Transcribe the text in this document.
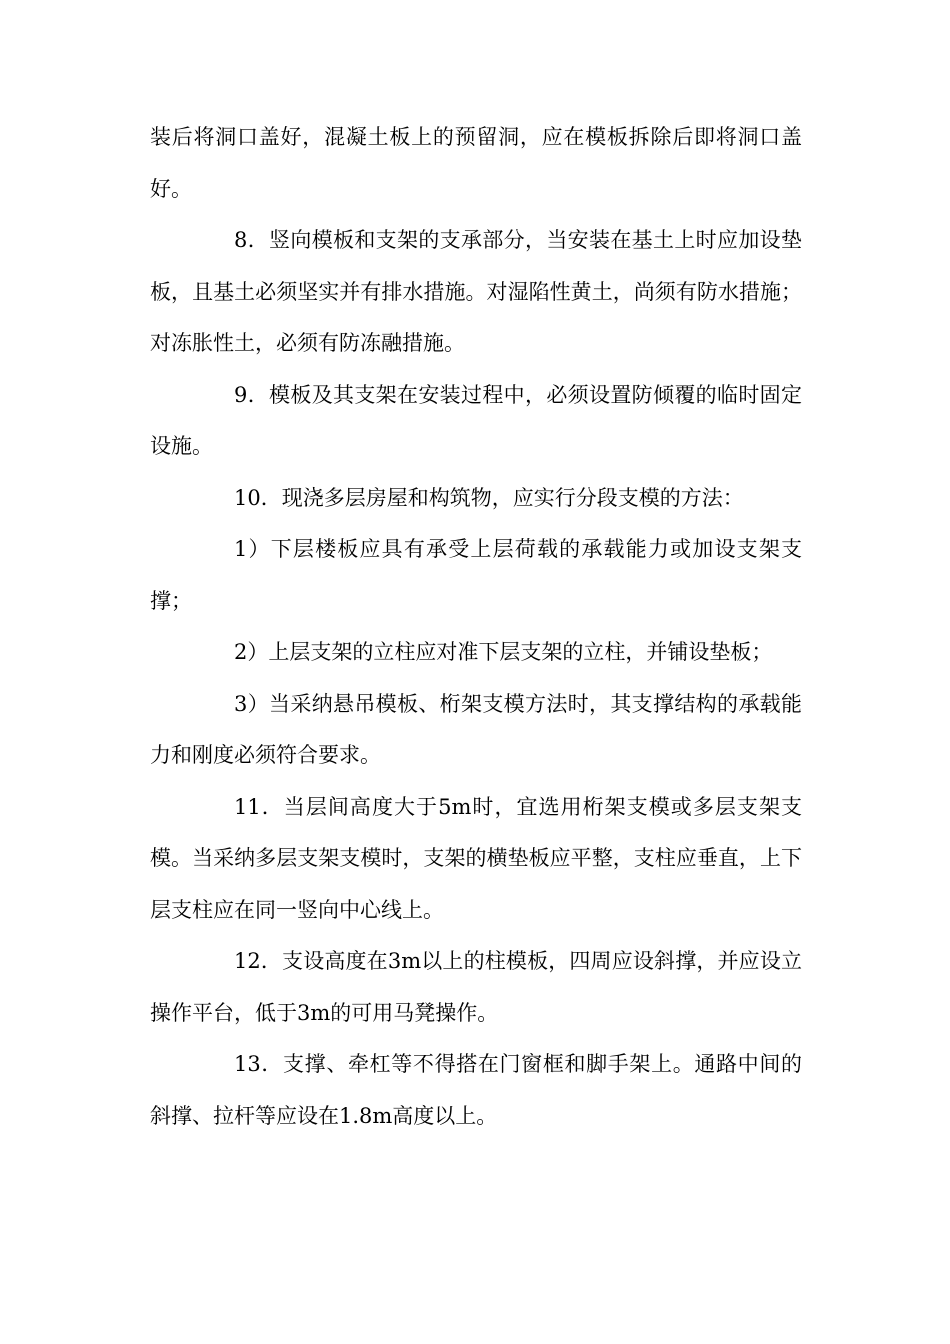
装后将洞口盖好，混凝土板上的预留洞，应在模板拆除后即将洞口盖好。

8．竖向模板和支架的支承部分，当安装在基土上时应加设垫板，且基土必须坚实并有排水措施。对湿陷性黄土，尚须有防水措施；对冻胀性土，必须有防冻融措施。

9．模板及其支架在安装过程中，必须设置防倾覆的临时固定设施。

10．现浇多层房屋和构筑物，应实行分段支模的方法：

1）下层楼板应具有承受上层荷载的承载能力或加设支架支撑；

2）上层支架的立柱应对准下层支架的立柱，并铺设垫板；

3）当采纳悬吊模板、桁架支模方法时，其支撑结构的承载能力和刚度必须符合要求。

11．当层间高度大于5m时，宜选用桁架支模或多层支架支模。当采纳多层支架支模时，支架的横垫板应平整，支柱应垂直，上下层支柱应在同一竖向中心线上。

12．支设高度在3m以上的柱模板，四周应设斜撑，并应设立操作平台，低于3m的可用马凳操作。

13．支撑、牵杠等不得搭在门窗框和脚手架上。通路中间的斜撑、拉杆等应设在1.8m高度以上。
